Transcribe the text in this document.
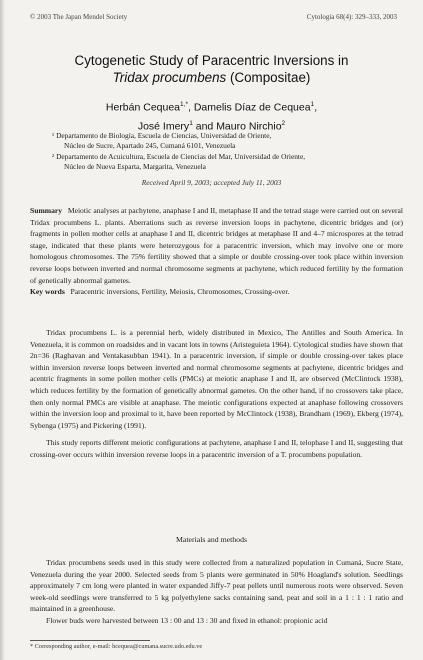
© 2003 The Japan Mendel Society	Cytologia 68(4): 329–333, 2003
Cytogenetic Study of Paracentric Inversions in
Tridax procumbens (Compositae)
Herbán Cequea$^{1,*}$, Damelis Díaz de Cequea$^1$,
José Imery$^1$ and Mauro Nirchio$^2$
¹ Departamento de Biología, Escuela de Ciencias, Universidad de Oriente,
Núcleo de Sucre, Apartado 245, Cumaná 6101, Venezuela
² Departamento de Acuicultura, Escuela de Ciencias del Mar, Universidad de Oriente,
Núcleo de Nueva Esparta, Margarita, Venezuela
Received April 9, 2003; accepted July 11, 2003
Summary Meiotic analyses at pachytene, anaphase I and II, metaphase II and the tetrad stage were carried out on several Tridax procumbens L. plants. Aberrations such as reverse inversion loops in pachytene, dicentric bridges and (or) fragments in pollen mother cells at anaphase I and II, dicentric bridges at metaphase II and 4–7 microspores at the tetrad stage, indicated that these plants were heterozygous for a paracentric inversion, which may involve one or more homologous chromosomes. The 75% fertility showed that a simple or double crossing-over took place within inversion reverse loops between inverted and normal chromosome segments at pachytene, which reduced fertility by the formation of genetically abnormal gametes.
Key words Paracentric inversions, Fertility, Meiosis, Chromosomes, Crossing-over.

Tridax procumbens L. is a perennial herb, widely distributed in Mexico, The Antilles and South America. In Venezuela, it is common on roadsides and in vacant lots in towns (Aristeguieta 1964). Cytological studies have shown that 2n=36 (Raghavan and Ventakasubban 1941). In a paracentric inversion, if simple or double crossing-over takes place within inversion reverse loops between inverted and normal chromosome segments at pachytene, dicentric bridges and acentric fragments in some pollen mother cells (PMCs) at meiotic anaphase I and II, are observed (McClintock 1938), which reduces fertility by the formation of genetically abnormal gametes. On the other hand, if no crossovers take place, then only normal PMCs are visible at anaphase. The meiotic configurations expected at anaphase following crossovers within the inversion loop and proximal to it, have been reported by McClintock (1938), Brandham (1969), Ekberg (1974), Sybenga (1975) and Pickering (1991).

This study reports different meiotic configurations at pachytene, anaphase I and II, telophase I and II, suggesting that crossing-over occurs within inversion reverse loops in a paracentric inversion of a T. procumbens population.

Materials and methods

Tridax procumbens seeds used in this study were collected from a naturalized population in Cumaná, Sucre State, Venezuela during the year 2000. Selected seeds from 5 plants were germinated in 50% Hoagland's solution. Seedlings approximately 7 cm long were planted in water expanded Jiffy-7 peat pellets until numerous roots were observed. Seven week-old seedlings were transferred to 5 kg polyethylene sacks containing sand, peat and soil in a 1 : 1 : 1 ratio and maintained in a greenhouse.

Flower buds were harvested between 13 : 00 and 13 : 30 and fixed in ethanol: propionic acid

* Corresponding author, e-mail: hcequea@cumana.sucre.udo.edu.ve
